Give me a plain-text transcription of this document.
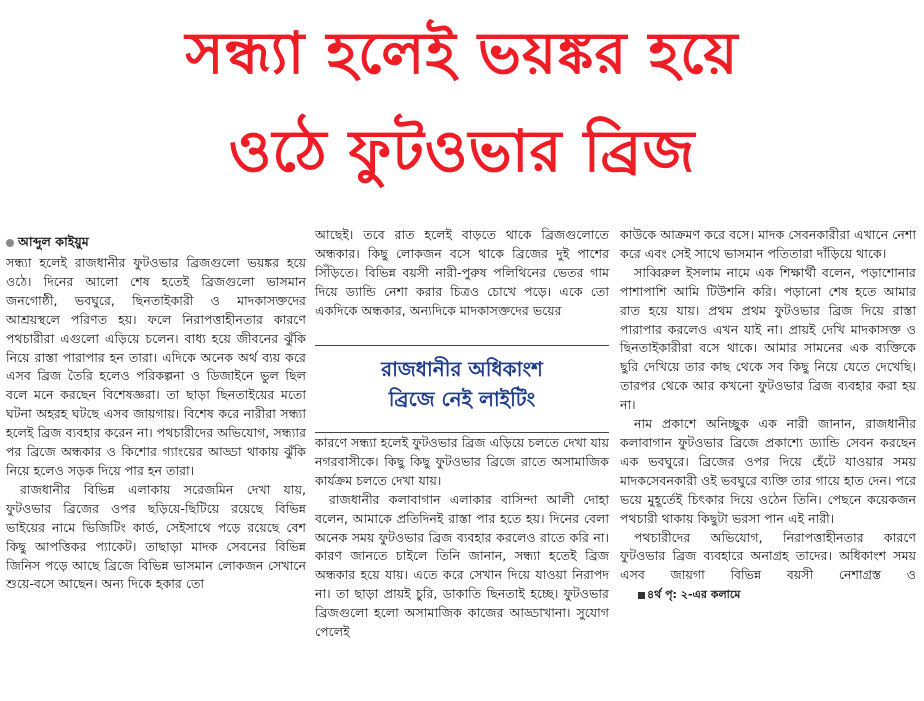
সন্ধ্যা হলেই ভয়ঙ্কর হয়ে
ওঠে ফুটওভার ব্রিজ
আব্দুল কাইয়ুম

সন্ধ্যা হলেই রাজধানীর ফুটওভার ব্রিজগুলো ভয়ঙ্কর হয়ে ওঠে। দিনের আলো শেষ হতেই ব্রিজগুলো ভাসমান জনগোষ্ঠী, ভবঘুরে, ছিনতাইকারী ও মাদকাসক্তদের আশ্রয়স্থলে পরিণত হয়। ফলে নিরাপত্তাহীনতার কারণে পথচারীরা এগুলো এড়িয়ে চলেন। বাধ্য হয়ে জীবনের ঝুঁকি নিয়ে রাস্তা পারাপার হন তারা। এদিকে অনেক অর্থ ব্যয় করে এসব ব্রিজ তৈরি হলেও পরিকল্পনা ও ডিজাইনে ভুল ছিল বলে মনে করছেন বিশেষজ্ঞরা। তা ছাড়া ছিনতাইয়ের মতো ঘটনা অহরহ ঘটছে এসব জায়গায়। বিশেষ করে নারীরা সন্ধ্যা হলেই ব্রিজ ব্যবহার করেন না। পথচারীদের অভিযোগ, সন্ধ্যার পর ব্রিজে অন্ধকার ও কিশোর গ্যাংয়ের আড্ডা থাকায় ঝুঁকি নিয়ে হলেও সড়ক দিয়ে পার হন তারা।

রাজধানীর বিভিন্ন এলাকায় সরেজমিন দেখা যায়, ফুটওভার ব্রিজের ওপর ছড়িয়ে-ছিটিয়ে রয়েছে বিভিন্ন ভাইয়ের নামে ভিজিটিং কার্ড, সেইসাথে পড়ে রয়েছে বেশ কিছু আপত্তিকর প্যাকেট। তাছাড়া মাদক সেবনের বিভিন্ন জিনিস পড়ে আছে ব্রিজে বিভিন্ন ভাসমান লোকজন সেখানে শুয়ে-বসে আছেন। অন্য দিকে হকার তো

আছেই। তবে রাত হলেই বাড়তে থাকে ব্রিজগুলোতে অন্ধকার। কিছু লোকজন বসে থাকে ব্রিজের দুই পাশের সিঁড়িতে। বিভিন্ন বয়সী নারী-পুরুষ পলিথিনের ভেতর গাম দিয়ে ড্যান্ডি নেশা করার চিত্রও চোখে পড়ে। একে তো একদিকে অন্ধকার, অন্যদিকে মাদকাসক্তদের ভয়ের

রাজধানীর অধিকাংশ
ব্রিজে নেই লাইটিং

কারণে সন্ধ্যা হলেই ফুটওভার ব্রিজ এড়িয়ে চলতে দেখা যায় নগরবাসীকে। কিছু কিছু ফুটওভার ব্রিজে রাতে অসামাজিক কার্যক্রম চলতে দেখা যায়।

রাজধানীর কলাবাগান এলাকার বাসিন্দা আলী দোহা বলেন, আমাকে প্রতিদিনই রাস্তা পার হতে হয়। দিনের বেলা অনেক সময় ফুটওভার ব্রিজ ব্যবহার করলেও রাতে করি না। কারণ জানতে চাইলে তিনি জানান, সন্ধ্যা হতেই ব্রিজ অন্ধকার হয়ে যায়। এতে করে সেখান দিয়ে যাওয়া নিরাপদ না। তা ছাড়া প্রায়ই চুরি, ডাকাতি ছিনতাই হচ্ছে। ফুটওভার ব্রিজগুলো হলো অসামাজিক কাজের আড্ডাখানা। সুযোগ পেলেই

কাউকে আক্রমণ করে বসে। মাদক সেবনকারীরা এখানে নেশা করে এবং সেই সাথে ভাসমান পতিতারা দাঁড়িয়ে থাকে।

সাব্বিরুল ইসলাম নামে এক শিক্ষার্থী বলেন, পড়াশোনার পাশাপাশি আমি টিউশনি করি। পড়ানো শেষ হতে আমার রাত হয়ে যায়। প্রথম প্রথম ফুটওভার ব্রিজ দিয়ে রাস্তা পারাপার করলেও এখন যাই না। প্রায়ই দেখি মাদকাসক্ত ও ছিনতাইকারীরা বসে থাকে। আমার সামনের এক ব্যক্তিকে ছুরি দেখিয়ে তার কাছ থেকে সব কিছু নিয়ে যেতে দেখেছি। তারপর থেকে আর কখনো ফুটওভার ব্রিজ ব্যবহার করা হয় না।

নাম প্রকাশে অনিচ্ছুক এক নারী জানান, রাজধানীর কলাবাগান ফুটওভার ব্রিজে প্রকাশ্যে ড্যান্ডি সেবন করছেন এক ভবঘুরে। ব্রিজের ওপর দিয়ে হেঁটে যাওয়ার সময় মাদকসেবনকারী ওই ভবঘুরে ব্যক্তি তার গায়ে হাত দেন। পরে ভয়ে মুহূর্তেই চিৎকার দিয়ে ওঠেন তিনি। পেছনে কয়েকজন পথচারী থাকায় কিছুটা ভরসা পান এই নারী।

পথচারীদের অভিযোগ, নিরাপত্তাহীনতার কারণে ফুটওভার ব্রিজ ব্যবহারে অনাগ্রহ তাদের। অধিকাংশ সময় এসব জায়গা বিভিন্ন বয়সী নেশাগ্রস্ত ও৪র্থ পৃ: ২-এর কলামে
